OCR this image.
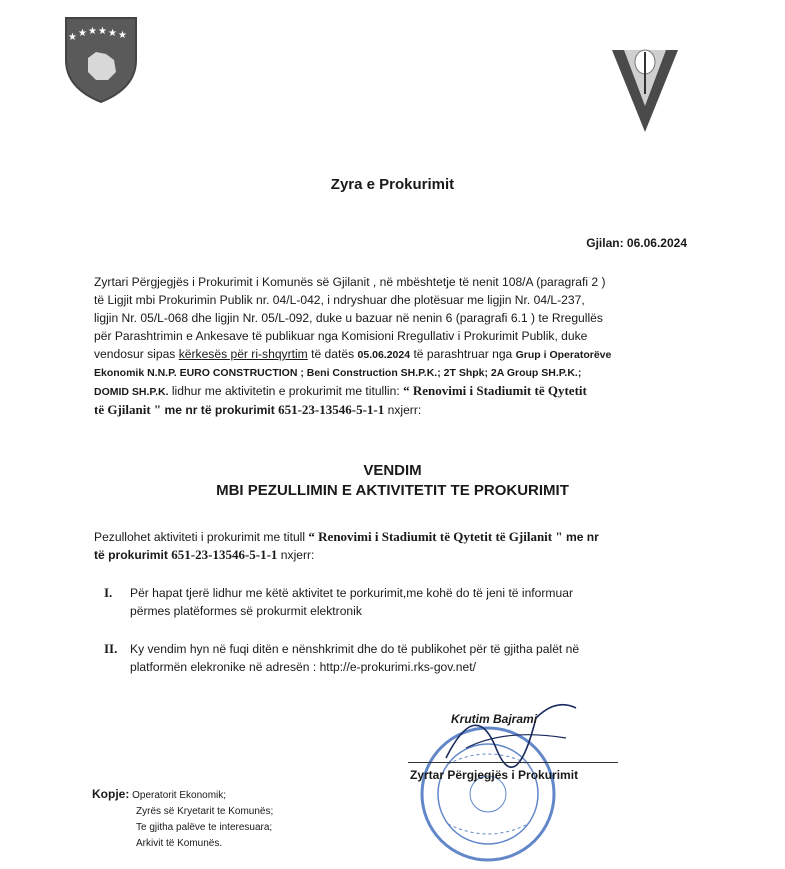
★ ★ ★ ★ ★ ★
Zyra e Prokurimit
Gjilan: 06.06.2024
Zyrtari Përgjegjës i Prokurimit i Komunës së Gjilanit , në mbështetje të nenit 108/A (paragrafi 2 )
të Ligjit mbi Prokurimin Publik nr. 04/L-042, i ndryshuar dhe plotësuar me ligjin Nr. 04/L-237,
ligjin Nr. 05/L-068 dhe ligjin Nr. 05/L-092, duke u bazuar në nenin 6 (paragrafi 6.1 ) te Rregullës
për Parashtrimin e Ankesave të publikuar nga Komisioni Rregullativ i Prokurimit Publik, duke
vendosur sipas kërkesës për ri-shqyrtim të datës 05.06.2024 të parashtruar nga Grup i Operatorëve
Ekonomik N.N.P. EURO CONSTRUCTION ; Beni Construction SH.P.K.; 2T Shpk; 2A Group SH.P.K.;
DOMID SH.P.K. lidhur me aktivitetin e prokurimit me titullin: “ Renovimi i Stadiumit të Qytetit
të Gjilanit " me nr të prokurimit 651-23-13546-5-1-1 nxjerr:
VENDIM
MBI PEZULLIMIN E AKTIVITETIT TE PROKURIMIT
Pezullohet aktiviteti i prokurimit me titull “ Renovimi i Stadiumit të Qytetit të Gjilanit " me nr
të prokurimit 651-23-13546-5-1-1 nxjerr:
I. Për hapat tjerë lidhur me këtë aktivitet te porkurimit,me kohë do të jeni të informuar
përmes platëformes së prokurmit elektronik
II. Ky vendim hyn në fuqi ditën e nënshkrimit dhe do të publikohet për të gjitha palët në
platformën elekronike në adresën : http://e-prokurimi.rks-gov.net/
Krutim Bajrami
Zyrtar Përgjegjës i Prokurimit
Kopje: Operatorit Ekonomik;
Zyrës së Kryetarit te Komunës;
Te gjitha palëve te interesuara;
Arkivit të Komunës.
